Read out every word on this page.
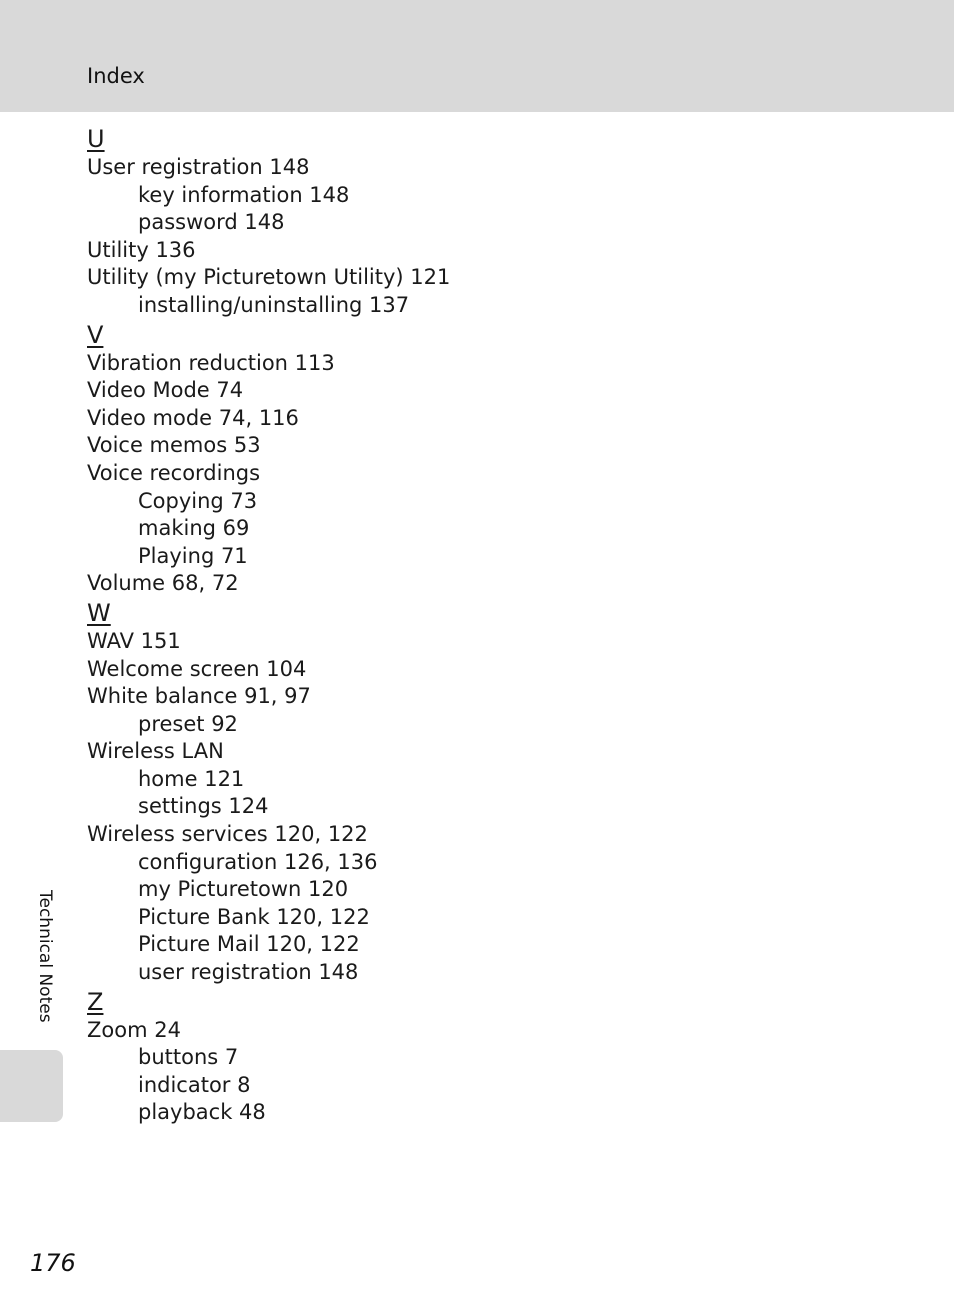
Index
U
User registration 148
key information 148
password 148
Utility 136
Utility (my Picturetown Utility) 121
installing/uninstalling 137
V
Vibration reduction 113
Video Mode 74
Video mode 74, 116
Voice memos 53
Voice recordings
Copying 73
making 69
Playing 71
Volume 68, 72
W
WAV 151
Welcome screen 104
White balance 91, 97
preset 92
Wireless LAN
home 121
settings 124
Wireless services 120, 122
configuration 126, 136
my Picturetown 120
Picture Bank 120, 122
Picture Mail 120, 122
user registration 148
Z
Zoom 24
buttons 7
indicator 8
playback 48
Technical Notes
176
